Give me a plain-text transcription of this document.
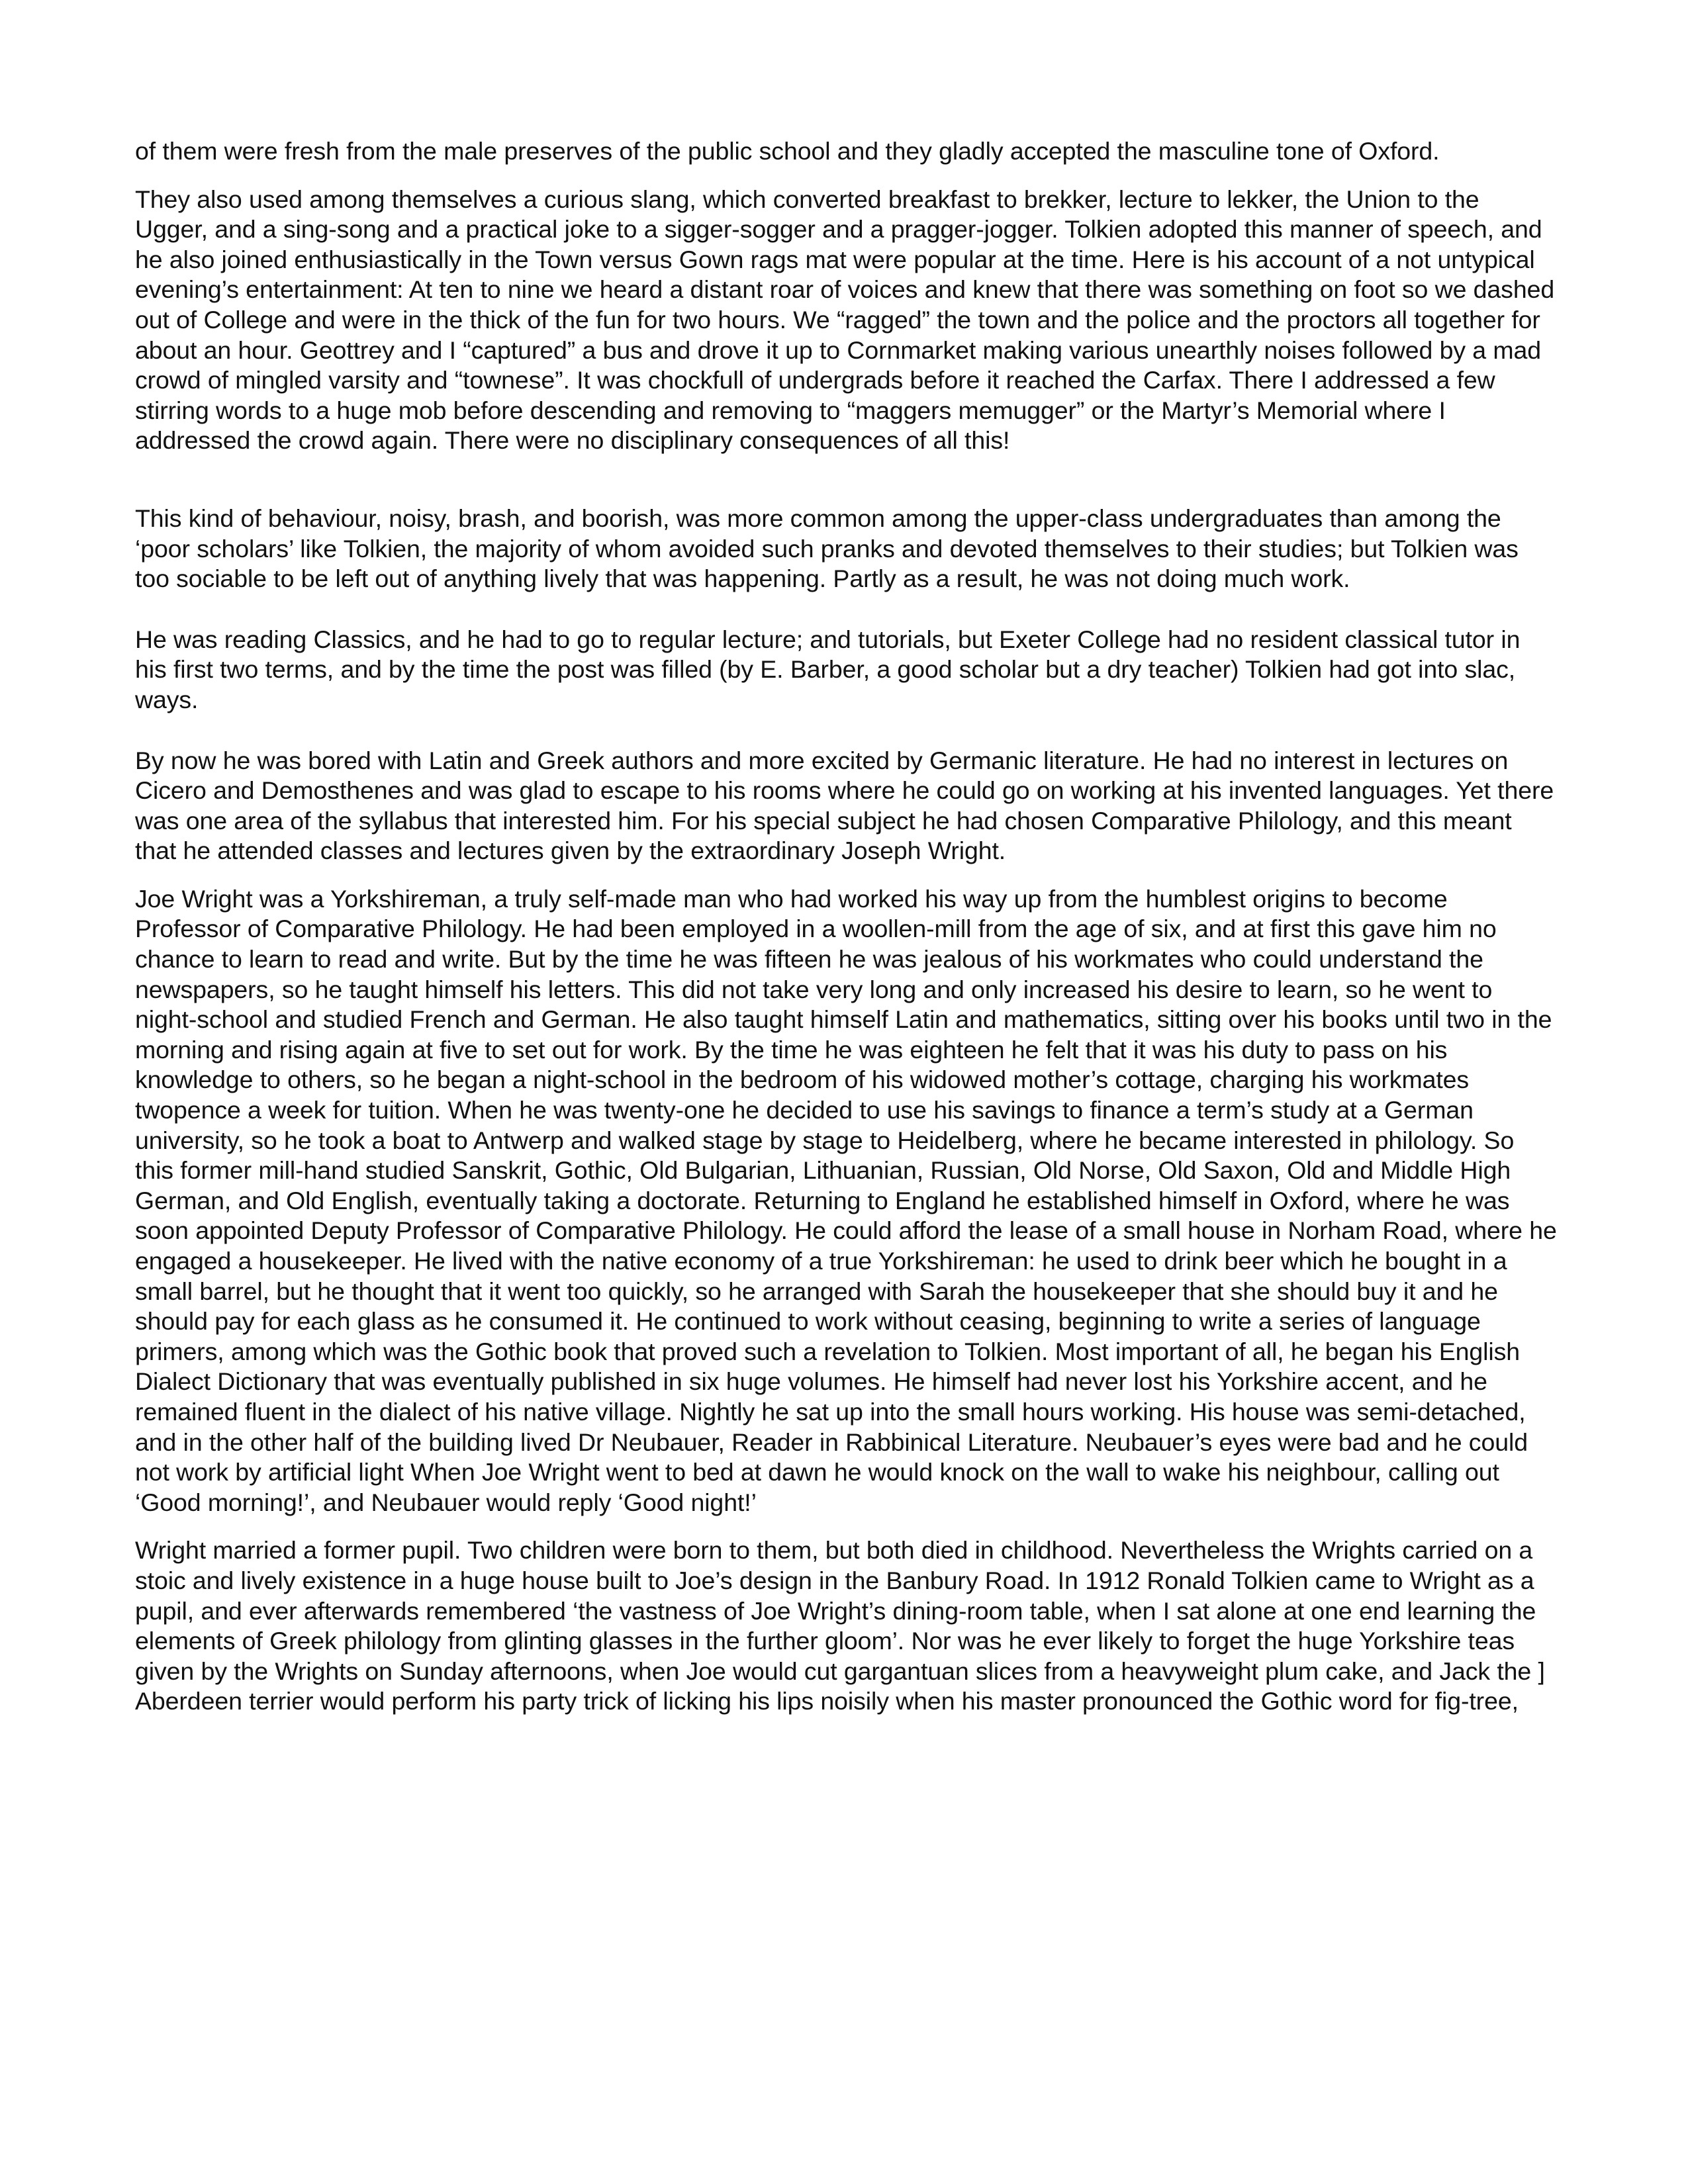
of them were fresh from the male preserves of the public school and they gladly accepted the masculine tone of Oxford.

They also used among themselves a curious slang, which converted breakfast to brekker, lecture to lekker, the Union to the Ugger, and a sing-song and a practical joke to a sigger-sogger and a pragger-jogger. Tolkien adopted this manner of speech, and he also joined enthusiastically in the Town versus Gown rags mat were popular at the time. Here is his account of a not untypical evening’s entertainment: At ten to nine we heard a distant roar of voices and knew that there was something on foot so we dashed out of College and were in the thick of the fun for two hours. We “ragged” the town and the police and the proctors all together for about an hour. Geottrey and I “captured” a bus and drove it up to Cornmarket making various unearthly noises followed by a mad crowd of mingled varsity and “townese”. It was chockfull of undergrads before it reached the Carfax. There I addressed a few stirring words to a huge mob before descending and removing to “maggers memugger” or the Martyr’s Memorial where I addressed the crowd again. There were no disciplinary consequences of all this!

This kind of behaviour, noisy, brash, and boorish, was more common among the upper-class undergraduates than among the ‘poor scholars’ like Tolkien, the majority of whom avoided such pranks and devoted themselves to their studies; but Tolkien was too sociable to be left out of anything lively that was happening. Partly as a result, he was not doing much work.

He was reading Classics, and he had to go to regular lecture; and tutorials, but Exeter College had no resident classical tutor in his first two terms, and by the time the post was filled (by E. Barber, a good scholar but a dry teacher) Tolkien had got into slac, ways.

By now he was bored with Latin and Greek authors and more excited by Germanic literature. He had no interest in lectures on Cicero and Demosthenes and was glad to escape to his rooms where he could go on working at his invented languages. Yet there was one area of the syllabus that interested him. For his special subject he had chosen Comparative Philology, and this meant that he attended classes and lectures given by the extraordinary Joseph Wright.

Joe Wright was a Yorkshireman, a truly self-made man who had worked his way up from the humblest origins to become Professor of Comparative Philology. He had been employed in a woollen-mill from the age of six, and at first this gave him no chance to learn to read and write. But by the time he was fifteen he was jealous of his workmates who could understand the newspapers, so he taught himself his letters. This did not take very long and only increased his desire to learn, so he went to night-school and studied French and German. He also taught himself Latin and mathematics, sitting over his books until two in the morning and rising again at five to set out for work. By the time he was eighteen he felt that it was his duty to pass on his knowledge to others, so he began a night-school in the bedroom of his widowed mother’s cottage, charging his workmates twopence a week for tuition. When he was twenty-one he decided to use his savings to finance a term’s study at a German university, so he took a boat to Antwerp and walked stage by stage to Heidelberg, where he became interested in philology. So this former mill-hand studied Sanskrit, Gothic, Old Bulgarian, Lithuanian, Russian, Old Norse, Old Saxon, Old and Middle High German, and Old English, eventually taking a doctorate. Returning to England he established himself in Oxford, where he was soon appointed Deputy Professor of Comparative Philology. He could afford the lease of a small house in Norham Road, where he engaged a housekeeper. He lived with the native economy of a true Yorkshireman: he used to drink beer which he bought in a small barrel, but he thought that it went too quickly, so he arranged with Sarah the housekeeper that she should buy it and he should pay for each glass as he consumed it. He continued to work without ceasing, beginning to write a series of language primers, among which was the Gothic book that proved such a revelation to Tolkien. Most important of all, he began his English Dialect Dictionary that was eventually published in six huge volumes. He himself had never lost his Yorkshire accent, and he remained fluent in the dialect of his native village. Nightly he sat up into the small hours working. His house was semi-detached, and in the other half of the building lived Dr Neubauer, Reader in Rabbinical Literature. Neubauer’s eyes were bad and he could not work by artificial light When Joe Wright went to bed at dawn he would knock on the wall to wake his neighbour, calling out ‘Good morning!’, and Neubauer would reply ‘Good night!’

Wright married a former pupil. Two children were born to them, but both died in childhood. Nevertheless the Wrights carried on a stoic and lively existence in a huge house built to Joe’s design in the Banbury Road. In 1912 Ronald Tolkien came to Wright as a pupil, and ever afterwards remembered ‘the vastness of Joe Wright’s dining-room table, when I sat alone at one end learning the elements of Greek philology from glinting glasses in the further gloom’. Nor was he ever likely to forget the huge Yorkshire teas given by the Wrights on Sunday afternoons, when Joe would cut gargantuan slices from a heavyweight plum cake, and Jack the ] Aberdeen terrier would perform his party trick of licking his lips noisily when his master pronounced the Gothic word for fig-tree,
